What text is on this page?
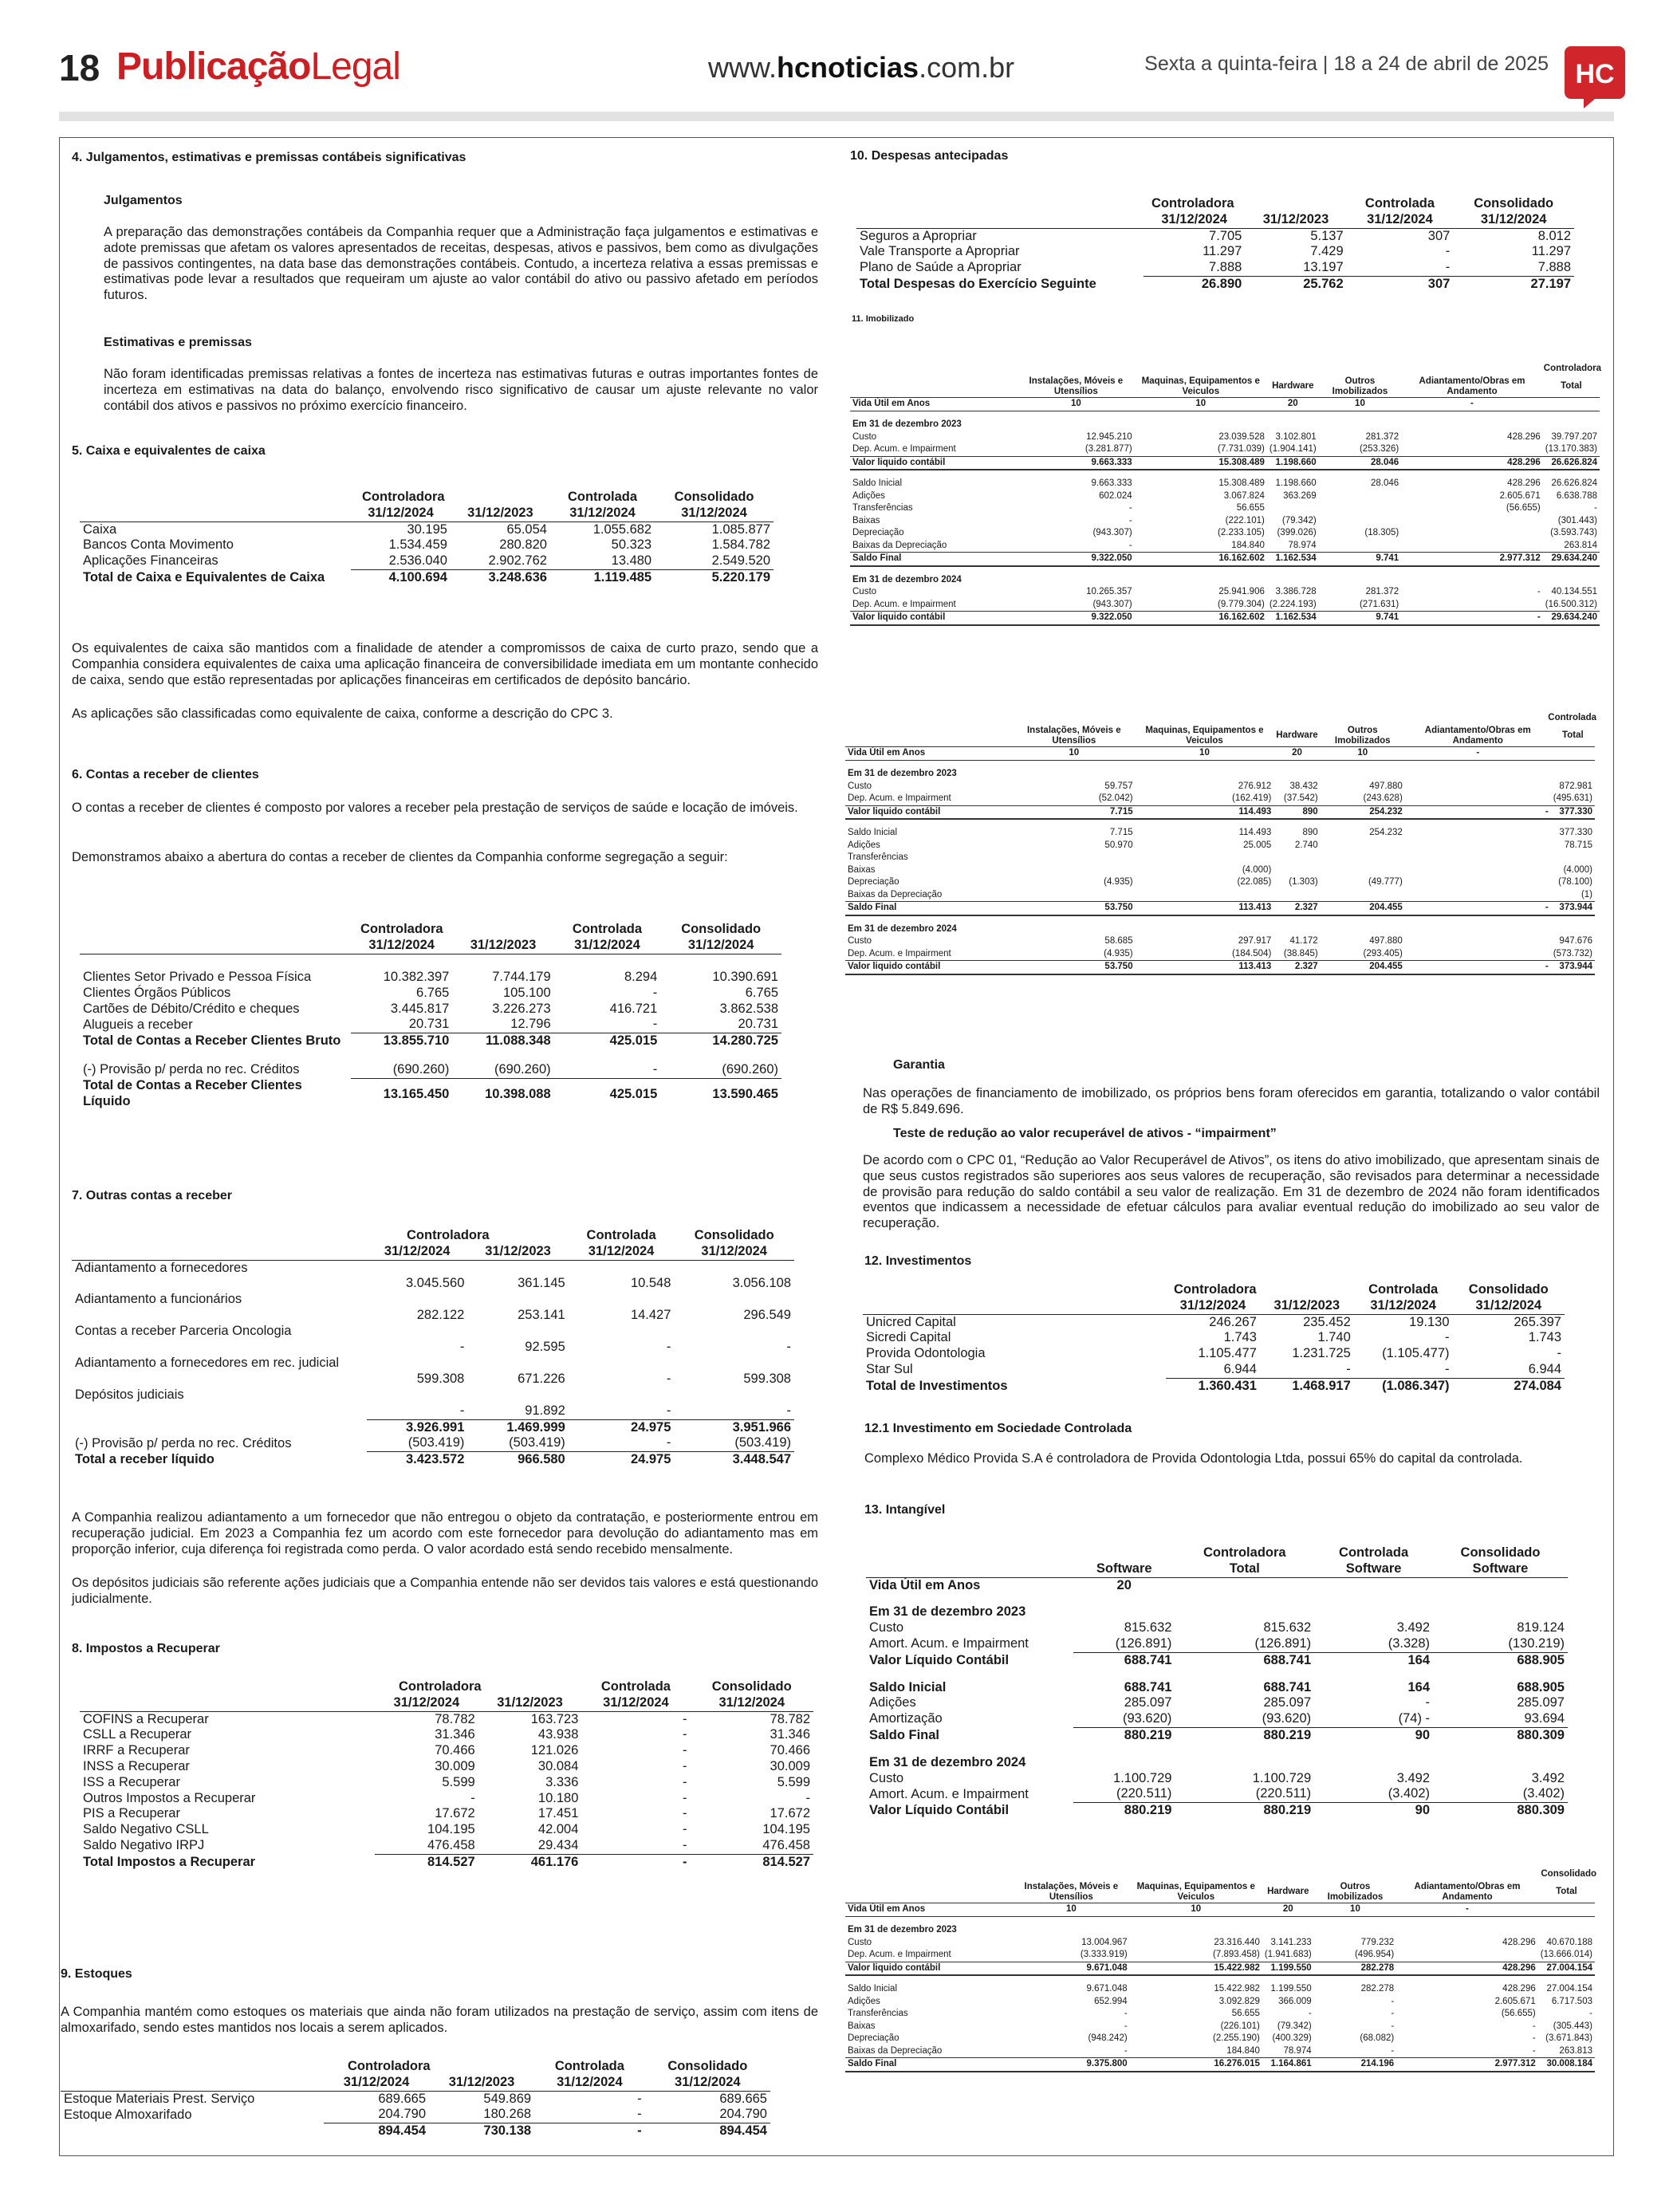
18 PublicaçãoLegal	www.hcnoticias.com.br	Sexta a quinta-feira | 18 a 24 de abril de 2025 HC
4. Julgamentos, estimativas e premissas contábeis significativas
Julgamentos

A preparação das demonstrações contábeis da Companhia requer que a Administração faça julgamentos e estimativas e adote premissas que afetam os valores apresentados de receitas, despesas, ativos e passivos, bem como as divulgações de passivos contingentes, na data base das demonstrações contábeis. Contudo, a incerteza relativa a essas premissas e estimativas pode levar a resultados que requeiram um ajuste ao valor contábil do ativo ou passivo afetado em períodos futuros.

Estimativas e premissas

Não foram identificadas premissas relativas a fontes de incerteza nas estimativas futuras e outras importantes fontes de incerteza em estimativas na data do balanço, envolvendo risco significativo de causar um ajuste relevante no valor contábil dos ativos e passivos no próximo exercício financeiro.

5. Caixa e equivalentes de caixa
	Controladora		Controlada	Consolidado
	31/12/2024	31/12/2023	31/12/2024	31/12/2024
Caixa	30.195	65.054	1.055.682	1.085.877
Bancos Conta Movimento	1.534.459	280.820	50.323	1.584.782
Aplicações Financeiras	2.536.040	2.902.762	13.480	2.549.520
Total de Caixa e Equivalentes de Caixa	4.100.694	3.248.636	1.119.485	5.220.179

Os equivalentes de caixa são mantidos com a finalidade de atender a compromissos de caixa de curto prazo, sendo que a Companhia considera equivalentes de caixa uma aplicação financeira de conversibilidade imediata em um montante conhecido de caixa, sendo que estão representadas por aplicações financeiras em certificados de depósito bancário.

As aplicações são classificadas como equivalente de caixa, conforme a descrição do CPC 3.

6. Contas a receber de clientes

O contas a receber de clientes é composto por valores a receber pela prestação de serviços de saúde e locação de imóveis.

Demonstramos abaixo a abertura do contas a receber de clientes da Companhia conforme segregação a seguir:

	Controladora		Controlada	Consolidado
	31/12/2024	31/12/2023	31/12/2024	31/12/2024

Clientes Setor Privado e Pessoa Física	10.382.397	7.744.179	8.294	10.390.691
Clientes Órgãos Públicos	6.765	105.100	-	6.765
Cartões de Débito/Crédito e cheques	3.445.817	3.226.273	416.721	3.862.538
Alugueis a receber	20.731	12.796	-	20.731
Total de Contas a Receber Clientes Bruto	13.855.710	11.088.348	425.015	14.280.725

(-) Provisão p/ perda no rec. Créditos	(690.260)	(690.260)	-	(690.260)
Total de Contas a Receber Clientes Líquido	13.165.450	10.398.088	425.015	13.590.465
7. Outras contas a receber
	Controladora		Controlada	Consolidado
	31/12/2024	31/12/2023	31/12/2024	31/12/2024
Adiantamento a fornecedores	3.045.560	361.145	10.548	3.056.108
Adiantamento a funcionários	282.122	253.141	14.427	296.549
Contas a receber Parceria Oncologia	-	92.595	-	-
Adiantamento a fornecedores em rec. judicial	599.308	671.226	-	599.308
Depósitos judiciais	-	91.892	-	-
	3.926.991	1.469.999	24.975	3.951.966
(-) Provisão p/ perda no rec. Créditos	(503.419)	(503.419)	-	(503.419)
Total a receber líquido	3.423.572	966.580	24.975	3.448.547

A Companhia realizou adiantamento a um fornecedor que não entregou o objeto da contratação, e posteriormente entrou em recuperação judicial. Em 2023 a Companhia fez um acordo com este fornecedor para devolução do adiantamento mas em proporção inferior, cuja diferença foi registrada como perda. O valor acordado está sendo recebido mensalmente.

Os depósitos judiciais são referente ações judiciais que a Companhia entende não ser devidos tais valores e está questionando judicialmente.

8. Impostos a Recuperar
	Controladora		Controlada	Consolidado
	31/12/2024	31/12/2023	31/12/2024	31/12/2024
COFINS a Recuperar	78.782	163.723	-	78.782
CSLL a Recuperar	31.346	43.938	-	31.346
IRRF a Recuperar	70.466	121.026	-	70.466
INSS a Recuperar	30.009	30.084	-	30.009
ISS a Recuperar	5.599	3.336	-	5.599
Outros Impostos a Recuperar	-	10.180	-	-
PIS a Recuperar	17.672	17.451	-	17.672
Saldo Negativo CSLL	104.195	42.004	-	104.195
Saldo Negativo IRPJ	476.458	29.434	-	476.458
Total Impostos a Recuperar	814.527	461.176	-	814.527
9. Estoques

A Companhia mantém como estoques os materiais que ainda não foram utilizados na prestação de serviço, assim com itens de almoxarifado, sendo estes mantidos nos locais a serem aplicados.

	Controladora		Controlada	Consolidado
	31/12/2024	31/12/2023	31/12/2024	31/12/2024
Estoque Materiais Prest. Serviço	689.665	549.869	-	689.665
Estoque Almoxarifado	204.790	180.268	-	204.790
	894.454	730.138	-	894.454
10. Despesas antecipadas
	Controladora		Controlada	Consolidado
	31/12/2024	31/12/2023	31/12/2024	31/12/2024
Seguros a Apropriar	7.705	5.137	307	8.012
Vale Transporte a Apropriar	11.297	7.429	-	11.297
Plano de Saúde a Apropriar	7.888	13.197	-	7.888
Total Despesas do Exercício Seguinte	26.890	25.762	307	27.197
11. Imobilizado
Controladora
	Instalações, Móveis e Utensílios	Maquinas, Equipamentos e Veiculos	Hardware	Outros Imobilizados	Adiantamento/Obras em Andamento	Total
Vida Útil em Anos	10	10	20	10	-	

Em 31 de dezembro 2023						
Custo	12.945.210	23.039.528	3.102.801	281.372	428.296	39.797.207
Dep. Acum. e Impairment	(3.281.877)	(7.731.039)	(1.904.141)	(253.326)		(13.170.383)
Valor liquido contábil	9.663.333	15.308.489	1.198.660	28.046	428.296	26.626.824

Saldo Inicial	9.663.333	15.308.489	1.198.660	28.046	428.296	26.626.824
Adições	602.024	3.067.824	363.269		2.605.671	6.638.788
Transferências	-	56.655			(56.655)	-
Baixas	-	(222.101)	(79.342)			(301.443)
Depreciação	(943.307)	(2.233.105)	(399.026)	(18.305)		(3.593.743)
Baixas da Depreciação	-	184.840	78.974			263.814
Saldo Final	9.322.050	16.162.602	1.162.534	9.741	2.977.312	29.634.240

Em 31 de dezembro 2024						
Custo	10.265.357	25.941.906	3.386.728	281.372	-	40.134.551
Dep. Acum. e Impairment	(943.307)	(9.779.304)	(2.224.193)	(271.631)		(16.500.312)
Valor liquido contábil	9.322.050	16.162.602	1.162.534	9.741	-	29.634.240
Controlada
	Instalações, Móveis e Utensílios	Maquinas, Equipamentos e Veiculos	Hardware	Outros Imobilizados	Adiantamento/Obras em Andamento	Total
Vida Útil em Anos	10	10	20	10	-	

Em 31 de dezembro 2023						
Custo	59.757	276.912	38.432	497.880		872.981
Dep. Acum. e Impairment	(52.042)	(162.419)	(37.542)	(243.628)		(495.631)
Valor liquido contábil	7.715	114.493	890	254.232	-	377.330

Saldo Inicial	7.715	114.493	890	254.232		377.330
Adições	50.970	25.005	2.740			78.715
Transferências						
Baixas		(4.000)				(4.000)
Depreciação	(4.935)	(22.085)	(1.303)	(49.777)		(78.100)
Baixas da Depreciação						(1)
Saldo Final	53.750	113.413	2.327	204.455	-	373.944

Em 31 de dezembro 2024						
Custo	58.685	297.917	41.172	497.880		947.676
Dep. Acum. e Impairment	(4.935)	(184.504)	(38.845)	(293.405)		(573.732)
Valor liquido contábil	53.750	113.413	2.327	204.455	-	373.944
Garantia

Nas operações de financiamento de imobilizado, os próprios bens foram oferecidos em garantia, totalizando o valor contábil de R$ 5.849.696.

Teste de redução ao valor recuperável de ativos - “impairment”

De acordo com o CPC 01, “Redução ao Valor Recuperável de Ativos”, os itens do ativo imobilizado, que apresentam sinais de que seus custos registrados são superiores aos seus valores de recuperação, são revisados para determinar a necessidade de provisão para redução do saldo contábil a seu valor de realização. Em 31 de dezembro de 2024 não foram identificados eventos que indicassem a necessidade de efetuar cálculos para avaliar eventual redução do imobilizado ao seu valor de recuperação.

12. Investimentos
	Controladora		Controlada	Consolidado
	31/12/2024	31/12/2023	31/12/2024	31/12/2024
Unicred Capital	246.267	235.452	19.130	265.397
Sicredi Capital	1.743	1.740	-	1.743
Provida Odontologia	1.105.477	1.231.725	(1.105.477)	-
Star Sul	6.944	-	-	6.944
Total de Investimentos	1.360.431	1.468.917	(1.086.347)	274.084
12.1 Investimento em Sociedade Controlada

Complexo Médico Provida S.A é controladora de Provida Odontologia Ltda, possui 65% do capital da controlada.

13. Intangível
		Controladora	Controlada	Consolidado
	Software	Total	Software	Software
Vida Útil em Anos	20			

Em 31 de dezembro 2023				
Custo	815.632	815.632	3.492	819.124
Amort. Acum. e Impairment	(126.891)	(126.891)	(3.328)	(130.219)
Valor Líquido Contábil	688.741	688.741	164	688.905

Saldo Inicial	688.741	688.741	164	688.905
Adições	285.097	285.097	-	285.097
Amortização	(93.620)	(93.620)	(74) -	93.694
Saldo Final	880.219	880.219	90	880.309

Em 31 de dezembro 2024				
Custo	1.100.729	1.100.729	3.492	3.492
Amort. Acum. e Impairment	(220.511)	(220.511)	(3.402)	(3.402)
Valor Líquido Contábil	880.219	880.219	90	880.309
Consolidado
	Instalações, Móveis e Utensílios	Maquinas, Equipamentos e Veiculos	Hardware	Outros Imobilizados	Adiantamento/Obras em Andamento	Total
Vida Útil em Anos	10	10	20	10	-	

Em 31 de dezembro 2023						
Custo	13.004.967	23.316.440	3.141.233	779.232	428.296	40.670.188
Dep. Acum. e Impairment	(3.333.919)	(7.893.458)	(1.941.683)	(496.954)		(13.666.014)
Valor liquido contábil	9.671.048	15.422.982	1.199.550	282.278	428.296	27.004.154

Saldo Inicial	9.671.048	15.422.982	1.199.550	282.278	428.296	27.004.154
Adições	652.994	3.092.829	366.009	-	2.605.671	6.717.503
Transferências	-	56.655	-	-	(56.655)	-
Baixas	-	(226.101)	(79.342)	-	-	(305.443)
Depreciação	(948.242)	(2.255.190)	(400.329)	(68.082)	-	(3.671.843)
Baixas da Depreciação	-	184.840	78.974	-	-	263.813
Saldo Final	9.375.800	16.276.015	1.164.861	214.196	2.977.312	30.008.184
